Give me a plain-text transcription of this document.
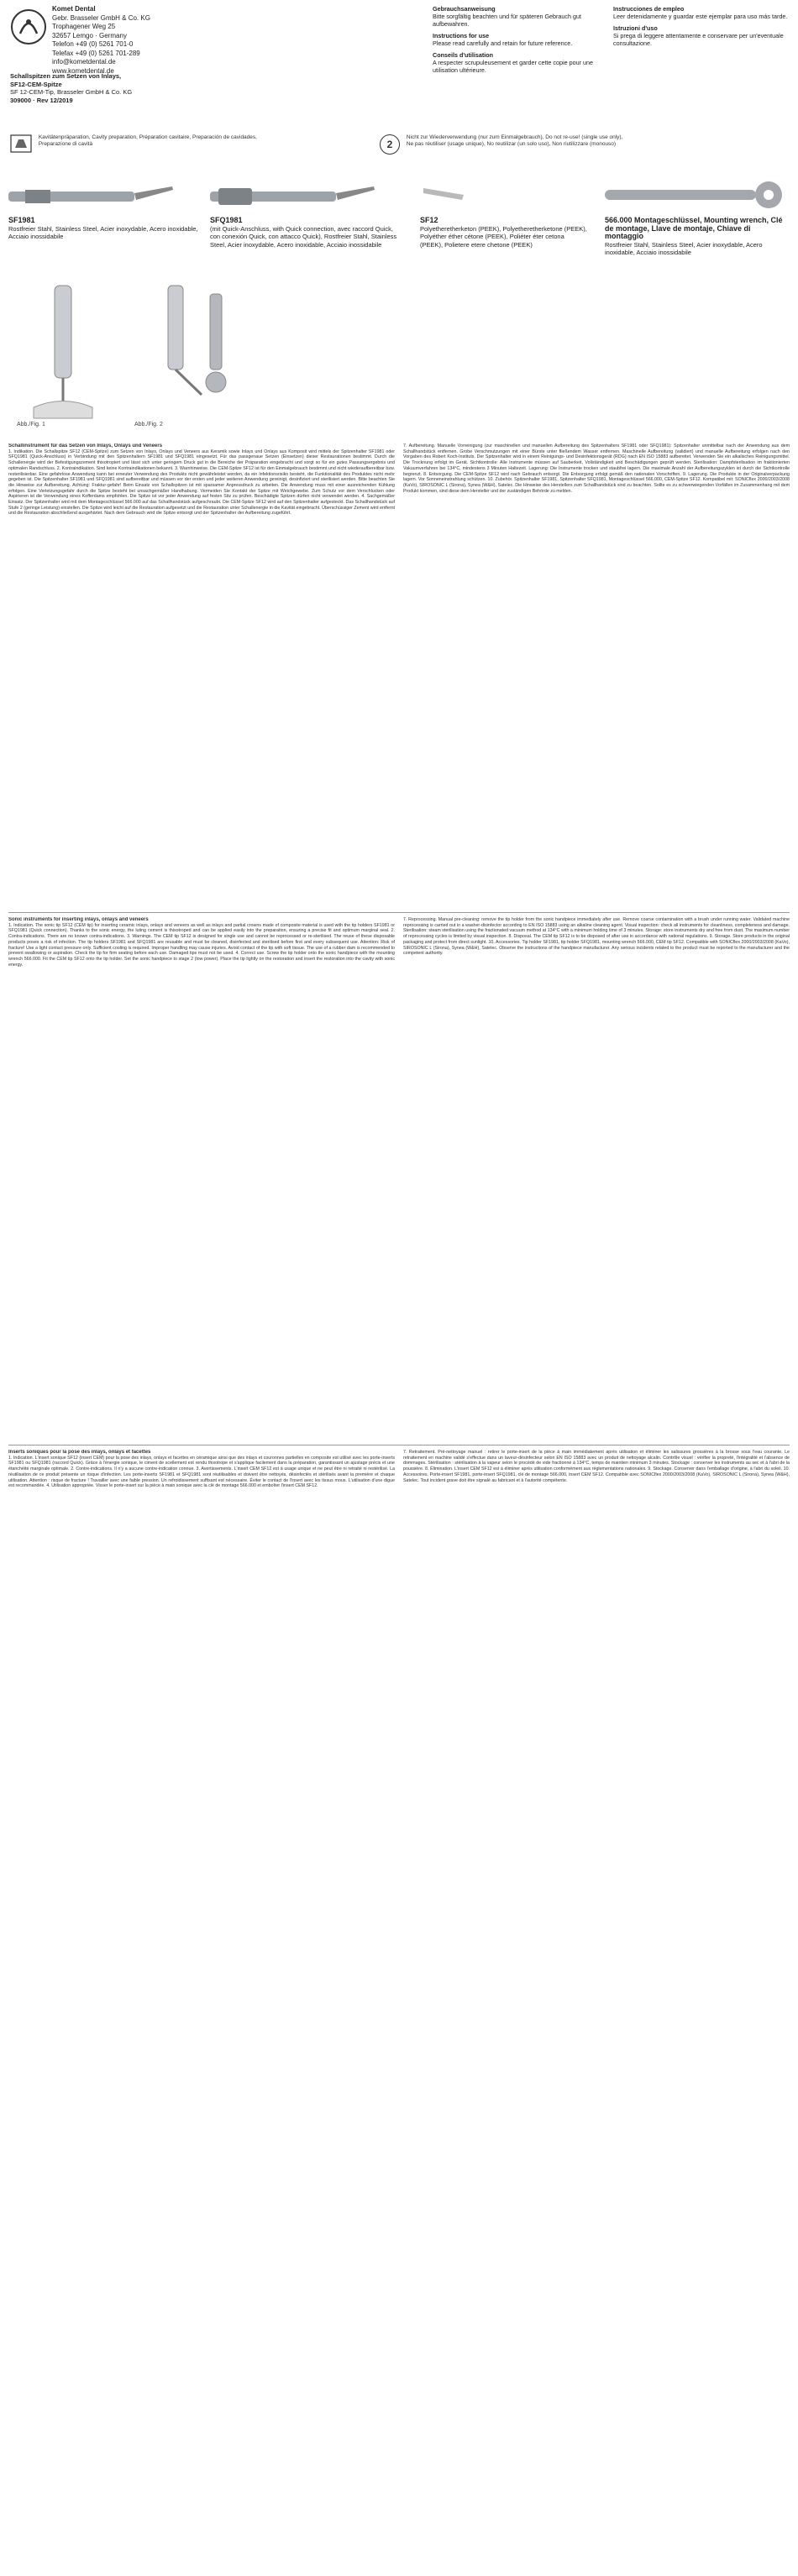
Komet Dental
Gebr. Brasseler GmbH & Co. KG
Trophagener Weg 25
32657 Lemgo · Germany
Telefon +49 (0) 5261 701-0
Telefax +49 (0) 5261 701-289
info@kometdental.de
www.kometdental.de
Schallspitzen zum Setzen von Inlays,
SF12-CEM-Spitze
SF 12-CEM-Tip, Brasseler GmbH & Co. KG
309000 · Rev 12/2019

Gebrauchsanweisung
Bitte sorgfältig beachten und für späteren Gebrauch gut aufbewahren.

Instructions for use
Please read carefully and retain for future reference.

Conseils d'utilisation
A respecter scrupuleusement et garder cette copie pour une utilisation ultérieure.

Instrucciones de empleo
Leer detenidamente y guardar este ejemplar para uso más tarde.

Istruzioni d'uso
Si prega di leggere attentamente e conservare per un'eventuale consultazione.

Kavitätenpräparation, Cavity preparation, Préparation cavitaire, Preparación de cavidades, Preparazione di cavità	2 Nicht zur Wiederverwendung (nur zum Einmalgebrauch), Do not re-use! (single use only), Ne pas réutiliser (usage unique), No reutilizar (un solo uso), Non riutilizzare (monouso)
SF1981
Rostfreier Stahl, Stainless Steel, Acier inoxydable, Acero inoxidable, Acciaio inossidabile
SFQ1981
(mit Quick-Anschluss, with Quick connection, avec raccord Quick, con conexión Quick, con attacco Quick), Rostfreier Stahl, Stainless Steel, Acier inoxydable, Acero inoxidable, Acciaio inossidabile
SF12
Polyetheretherketon (PEEK), Polyetheretherketone (PEEK), Polyéther éther cétone (PEEK), Poliéter éter cetona (PEEK), Polietere etere chetone (PEEK)
566.000 Montageschlüssel, Mounting wrench, Clé de montage, Llave de montaje, Chiave di montaggio
Rostfreier Stahl, Stainless Steel, Acier inoxydable, Acero inoxidable, Acciaio inossidabile
Abb./Fig. 1	Abb./Fig. 2

Schallinstrument für das Setzen von Inlays, Onlays und Veneers

1. Indikation. Die Schallspitze SF12 (CEM-Spitze) zum Setzen von Inlays, Onlays und Veneers aus Keramik sowie Inlays und Onlays aus Komposit wird mittels der Spitzenhalter SF1981 oder SFQ1981 (Quick-Anschluss) in Verbindung mit den Spitzenhaltern SF1981 und SFQ1981 eingesetzt. Für das passgenaue Setzen (Einsetzen) dieser Restaurationen bestimmt. Durch die Schallenergie wird der Befestigungszement thixotropiert und lässt sich unter geringem Druck gut in die Bereiche der Präparation eingebracht und sorgt so für ein gutes Passungsergebnis und optimalen Randschluss. 2. Kontraindikation. Sind keine Kontraindikationen bekannt. 3. Warnhinweise. Die CEM-Spitze SF12 ist für den Einmalgebrauch bestimmt und nicht wiederaufbereitbar bzw. resterilisierbar. Eine gefahrlose Anwendung kann bei erneuter Verwendung des Produkts nicht gewährleistet werden, da ein Infektionsrisiko besteht, die Funktionalität des Produktes nicht mehr gegeben ist. Die Spitzenhalter SF1981 und SFQ1981 sind aufbereitbar und müssen vor der ersten und jeder weiteren Anwendung gereinigt, desinfiziert und sterilisiert werden. Bitte beachten Sie die Hinweise zur Aufbereitung. Achtung: Fraktur-gefahr! Beim Einsatz von Schallspitzen ist mit sparsamer Anpressdruck zu arbeiten. Die Anwendung muss mit einer ausreichenden Kühlung erfolgen. Eine Verletzungsgefahr durch die Spitze besteht bei unsachgemäßer Handhabung. Vermeiden Sie Kontakt der Spitze mit Weichgewebe. Zum Schutz vor dem Verschlucken oder Aspirieren ist die Verwendung eines Kofferdams empfohlen. Die Spitze ist vor jeder Anwendung auf festen Sitz zu prüfen. Beschädigte Spitzen dürfen nicht verwendet werden. 4. Sachgemäßer Einsatz. Der Spitzenhalter wird mit dem Montageschlüssel 566.000 auf das Schallhandstück aufgeschraubt. Die CEM-Spitze SF12 wird auf den Spitzenhalter aufgesteckt. Das Schallhandstück auf Stufe 2 (geringe Leistung) einstellen. Die Spitze wird leicht auf die Restauration aufgesetzt und die Restauration unter Schallenergie in die Kavität eingebracht. Überschüssiger Zement wird entfernt und die Restauration abschließend ausgehärtet. Nach dem Gebrauch wird die Spitze entsorgt und der Spitzenhalter der Aufbereitung zugeführt.

7. Aufbereitung. Manuelle Vorreinigung (zur maschinellen und manuellen Aufbereitung des Spitzenhalters SF1981 oder SFQ1981): Spitzenhalter unmittelbar nach der Anwendung aus dem Schallhandstück entfernen. Grobe Verschmutzungen mit einer Bürste unter fließendem Wasser entfernen. Maschinelle Aufbereitung (validiert) und manuelle Aufbereitung erfolgen nach den Vorgaben des Robert Koch-Instituts. Der Spitzenhalter wird in einem Reinigungs- und Desinfektionsgerät (RDG) nach EN ISO 15883 aufbereitet. Verwenden Sie ein alkalisches Reinigungsmittel. Die Trocknung erfolgt im Gerät. Sichtkontrolle: Alle Instrumente müssen auf Sauberkeit, Vollständigkeit und Beschädigungen geprüft werden. Sterilisation: Dampfsterilisation im fraktionierten Vakuumverfahren bei 134°C, mindestens 3 Minuten Haltezeit. Lagerung: Die Instrumente trocken und staubfrei lagern. Die maximale Anzahl der Aufbereitungszyklen ist durch die Sichtkontrolle begrenzt. 8. Entsorgung. Die CEM-Spitze SF12 wird nach Gebrauch entsorgt. Die Entsorgung erfolgt gemäß den nationalen Vorschriften. 9. Lagerung. Die Produkte in der Originalverpackung lagern. Vor Sonneneinstrahlung schützen. 10. Zubehör. Spitzenhalter SF1981, Spitzenhalter SFQ1981, Montageschlüssel 566.000, CEM-Spitze SF12. Kompatibel mit: SONICflex 2000/2003/2008 (KaVo), SIROSONIC L (Sirona), Synea (W&H), Satelec. Die Hinweise des Herstellers zum Schallhandstück sind zu beachten. Sollte es zu schwerwiegenden Vorfällen im Zusammenhang mit dem Produkt kommen, sind diese dem Hersteller und der zuständigen Behörde zu melden.

Sonic instruments for inserting inlays, onlays and veneers

1. Indication. The sonic tip SF12 (CEM tip) for inserting ceramic inlays, onlays and veneers as well as inlays and partial crowns made of composite material is used with the tip holders SF1981 or SFQ1981 (Quick connection). Thanks to the sonic energy, the luting cement is thixotroped and can be applied easily into the preparation, ensuring a precise fit and optimum marginal seal. 2. Contra-indications. There are no known contra-indications. 3. Warnings. The CEM tip SF12 is designed for single use and cannot be reprocessed or re-sterilised. The reuse of these disposable products poses a risk of infection. The tip holders SF1981 and SFQ1981 are reusable and must be cleaned, disinfected and sterilised before first and every subsequent use. Attention: Risk of fracture! Use a light contact pressure only. Sufficient cooling is required. Improper handling may cause injuries. Avoid contact of the tip with soft tissue. The use of a rubber dam is recommended to prevent swallowing or aspiration. Check the tip for firm seating before each use. Damaged tips must not be used. 4. Correct use. Screw the tip holder onto the sonic handpiece with the mounting wrench 566.000. Fit the CEM tip SF12 onto the tip holder. Set the sonic handpiece to stage 2 (low power). Place the tip lightly on the restoration and insert the restoration into the cavity with sonic energy.

7. Reprocessing. Manual pre-cleaning: remove the tip holder from the sonic handpiece immediately after use. Remove coarse contamination with a brush under running water. Validated machine reprocessing is carried out in a washer-disinfector according to EN ISO 15883 using an alkaline cleaning agent. Visual inspection: check all instruments for cleanliness, completeness and damage. Sterilisation: steam sterilisation using the fractionated vacuum method at 134°C with a minimum holding time of 3 minutes. Storage: store instruments dry and free from dust. The maximum number of reprocessing cycles is limited by visual inspection. 8. Disposal. The CEM tip SF12 is to be disposed of after use in accordance with national regulations. 9. Storage. Store products in the original packaging and protect from direct sunlight. 10. Accessories. Tip holder SF1981, tip holder SFQ1981, mounting wrench 566.000, CEM tip SF12. Compatible with SONICflex 2000/2003/2008 (KaVo), SIROSONIC L (Sirona), Synea (W&H), Satelec. Observe the instructions of the handpiece manufacturer. Any serious incidents related to the product must be reported to the manufacturer and the competent authority.

Inserts soniques pour la pose des inlays, onlays et facettes

1. Indication. L'insert sonique SF12 (insert CEM) pour la pose des inlays, onlays et facettes en céramique ainsi que des inlays et couronnes partielles en composite est utilisé avec les porte-inserts SF1981 ou SFQ1981 (raccord Quick). Grâce à l'énergie sonique, le ciment de scellement est rendu thixotrope et s'applique facilement dans la préparation, garantissant un ajustage précis et une étanchéité marginale optimale. 2. Contre-indications. Il n'y a aucune contre-indication connue. 3. Avertissements. L'insert CEM SF12 est à usage unique et ne peut être ni retraité ni restérilisé. La réutilisation de ce produit présente un risque d'infection. Les porte-inserts SF1981 et SFQ1981 sont réutilisables et doivent être nettoyés, désinfectés et stérilisés avant la première et chaque utilisation. Attention : risque de fracture ! Travailler avec une faible pression. Un refroidissement suffisant est nécessaire. Éviter le contact de l'insert avec les tissus mous. L'utilisation d'une digue est recommandée. 4. Utilisation appropriée. Visser le porte-insert sur la pièce à main sonique avec la clé de montage 566.000 et emboîter l'insert CEM SF12.

7. Retraitement. Pré-nettoyage manuel : retirer le porte-insert de la pièce à main immédiatement après utilisation et éliminer les salissures grossières à la brosse sous l'eau courante. Le retraitement en machine validé s'effectue dans un laveur-désinfecteur selon EN ISO 15883 avec un produit de nettoyage alcalin. Contrôle visuel : vérifier la propreté, l'intégralité et l'absence de dommages. Stérilisation : stérilisation à la vapeur selon le procédé de vide fractionné à 134°C, temps de maintien minimum 3 minutes. Stockage : conserver les instruments au sec et à l'abri de la poussière. 8. Élimination. L'insert CEM SF12 est à éliminer après utilisation conformément aux réglementations nationales. 9. Stockage. Conserver dans l'emballage d'origine, à l'abri du soleil. 10. Accessoires. Porte-insert SF1981, porte-insert SFQ1981, clé de montage 566.000, insert CEM SF12. Compatible avec SONICflex 2000/2003/2008 (KaVo), SIROSONIC L (Sirona), Synea (W&H), Satelec. Tout incident grave doit être signalé au fabricant et à l'autorité compétente.
